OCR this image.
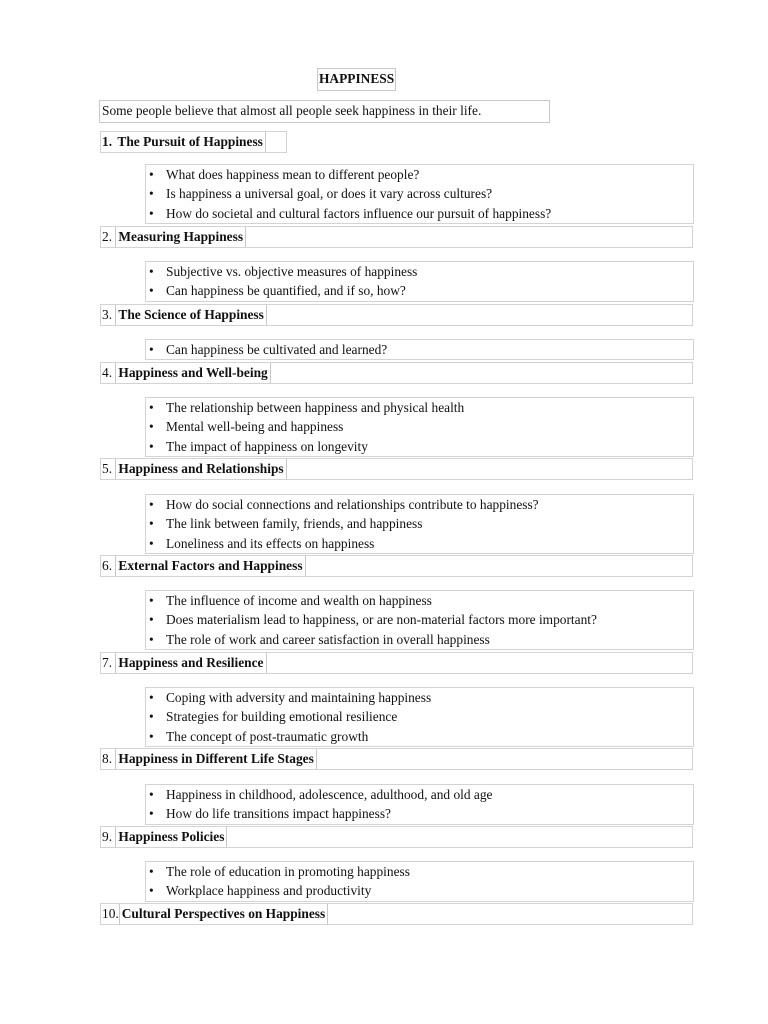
HAPPINESS
Some people believe that almost all people seek happiness in their life.
1. The Pursuit of Happiness
• What does happiness mean to different people?
• Is happiness a universal goal, or does it vary across cultures?
• How do societal and cultural factors influence our pursuit of happiness?
2. Measuring Happiness
• Subjective vs. objective measures of happiness
• Can happiness be quantified, and if so, how?
3. The Science of Happiness
• Can happiness be cultivated and learned?
4. Happiness and Well-being
• The relationship between happiness and physical health
• Mental well-being and happiness
• The impact of happiness on longevity
5. Happiness and Relationships
• How do social connections and relationships contribute to happiness?
• The link between family, friends, and happiness
• Loneliness and its effects on happiness
6. External Factors and Happiness
• The influence of income and wealth on happiness
• Does materialism lead to happiness, or are non-material factors more important?
• The role of work and career satisfaction in overall happiness
7. Happiness and Resilience
• Coping with adversity and maintaining happiness
• Strategies for building emotional resilience
• The concept of post-traumatic growth
8. Happiness in Different Life Stages
• Happiness in childhood, adolescence, adulthood, and old age
• How do life transitions impact happiness?
9. Happiness Policies
• The role of education in promoting happiness
• Workplace happiness and productivity
10. Cultural Perspectives on Happiness
